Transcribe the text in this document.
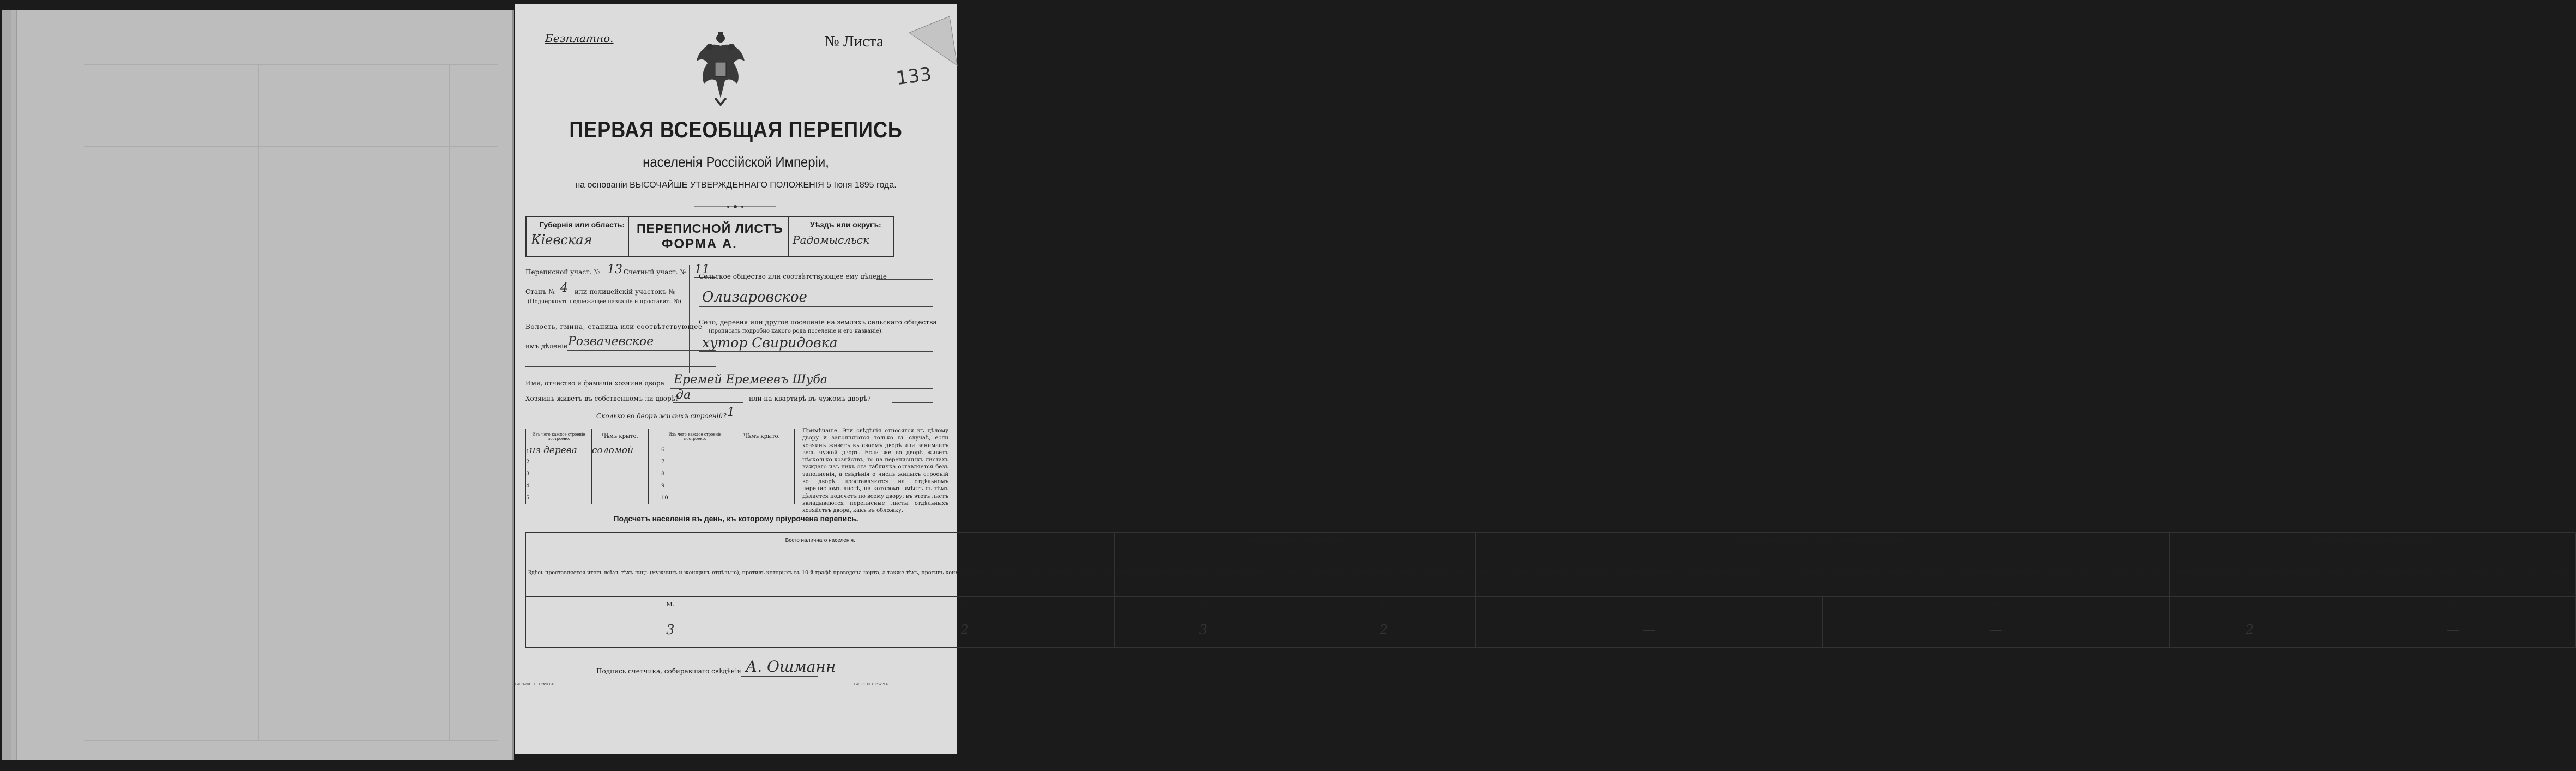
Безплатно.	№ Листа
133
ПЕРВАЯ ВСЕОБЩАЯ ПЕРЕПИСЬ
населенія Россійской Имперіи,
на основаніи ВЫСОЧАЙШЕ УТВЕРЖДЕННАГО ПОЛОЖЕНІЯ 5 Іюня 1895 года.
Губернія или область:
Кіевская
ПЕРЕПИСНОЙ ЛИСТЪ
ФОРМА А.
Уѣздъ или округъ:
Радомысльск
Переписной участ. № 13 Счетный участ. № 11
Станъ № 4 или полицейскій участокъ №
(Подчеркнуть подлежащее названіе и проставить №).
Волость, гмина, станица или соотвѣтствующее
имъ дѣленіе Розвачевское
Сельское общество или соотвѣтствующее ему дѣленіе
Олизаровское
Село, деревня или другое поселеніе на земляхъ сельскаго общества
(прописать подробно какого рода поселеніе и его названіе).
хутор Свиридовка
Имя, отчество и фамилія хозяина двора Еремей Еремеевъ Шуба
Хозяинъ живетъ въ собственномъ-ли дворѣ?
да	или на квартирѣ въ чужомъ дворѣ?
Сколько во дворъ жилыхъ строеній? 1
Изъ чего каждое строеніе построено.	Чѣмъ крыто.
1из дерева	соломой
2	
3	
4	
5	
Изъ чего каждое строеніе построено.	Чѣмъ крыто.
6	
7	
8	
9	
10	
Примѣчаніе. Эти свѣдѣнія относятся къ цѣлому двору и заполняются только въ случаѣ, если хозяинъ живетъ въ своемъ дворѣ или занимаетъ весь чужой дворъ. Если же во дворѣ живетъ нѣсколько хозяйствъ, то на переписныхъ листахъ каждаго изъ нихъ эта табличка оставляется безъ заполненія, а свѣдѣнія о числѣ жилыхъ строеній во дворѣ проставляются на отдѣльномъ переписномъ листѣ, на которомъ вмѣстѣ съ тѣмъ дѣлается подсчетъ по всему двору; въ этотъ листъ вкладываются переписные листы отдѣльныхъ хозяйствъ двора, какъ въ обложку.
Подсчетъ населенія въ день, къ которому пріурочена перепись.
Всего наличнаго населенія.		Постоянно живущаго здѣсь населенія.		Въ числѣ наличнаго населенія было лицъ некрестьян. сословій.		Приписаннаго здѣсь крестьянскаго населенія.	
Здѣсь проставляется итогъ всѣхъ тѣхъ лицъ (мужчинъ и женщинъ отдѣльно), противъ которыхъ въ 10-й графѣ проведена черта, а также тѣхъ, противъ коихъ отмѣчено «врем. преб.» и «врем. преб. со знакомъ V».		Сюда вносится общее число всѣхъ тѣхъ лицъ (мужчинъ и женщинъ отдѣльно), противъ которыхъ въ 9-й графѣ отмѣчено «здѣсь».		Здѣсь проставляется (изъ графы 6-й) число всѣхъ лицъ некрестьянскихъ сословій (мужчинъ и женщинъ отдѣльно), противъ которыхъ въ графѣ 10-й проведена черта, а также тѣхъ, противъ коихъ отмѣчено «врем. преб.» и «врем. преб. со знакомъ V».		Сюда вносится общее число всѣхъ лицъ (мужчинъ и женщинъ отдѣльно), противъ которыхъ въ графѣ 8-й отмѣчено «здѣсь» и «здѣсь въ отлучкѣ».	
М.	Ж.	М.	Ж.	М.	Ж.	М.	Ж.
3	2	3	2	—	—	2	—
Подпись счетчика, собиравшаго свѣдѣнія А. Ошманн
ТИПО-ЛИТ. Н. ГРАЧЕВА	ТИП. С. ПЕТЕРБУРГЪ
